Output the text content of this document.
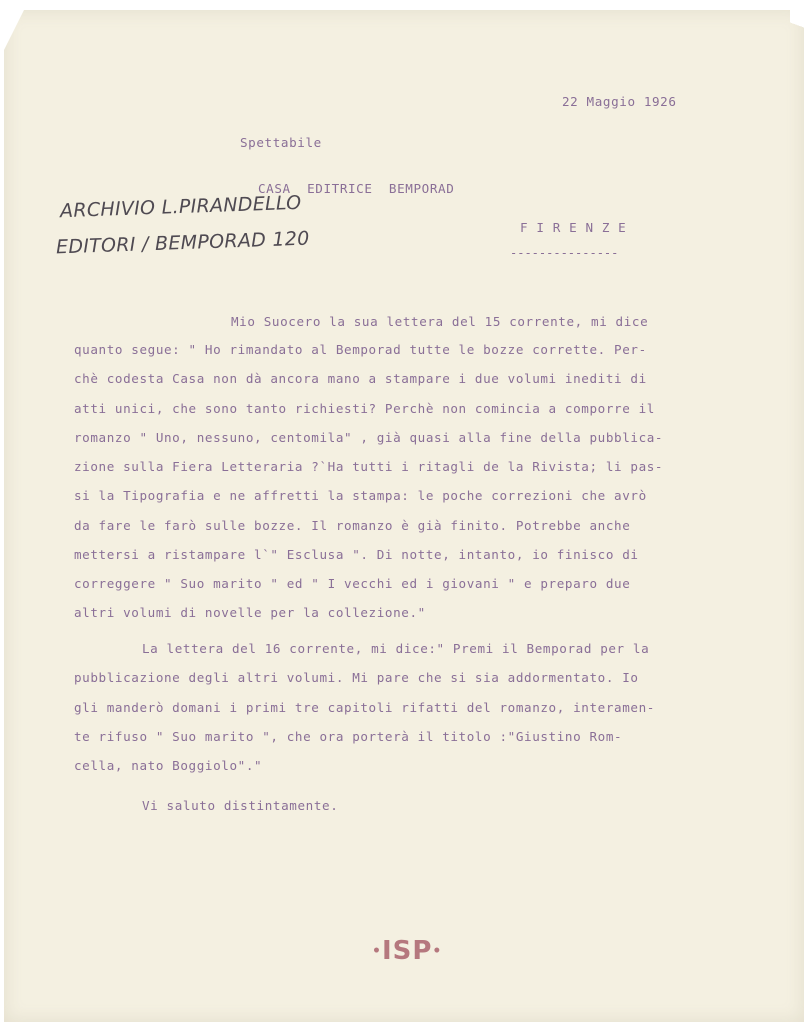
22 Maggio 1926
Spettabile
CASA  EDITRICE  BEMPORAD
F I R E N Z E
---------------
ARCHIVIO L.PIRANDELLO
EDITORI / BEMPORAD 120
Mio Suocero la sua lettera del 15 corrente, mi dice
quanto segue: " Ho rimandato al Bemporad tutte le bozze corrette. Per-
chè codesta Casa non dà ancora mano a stampare i due volumi inediti di
atti unici, che sono tanto richiesti? Perchè non comincia a comporre il
romanzo " Uno, nessuno, centomila" , già quasi alla fine della pubblica-
zione sulla Fiera Letteraria ?`Ha tutti i ritagli de la Rivista; li pas-
si la Tipografia e ne affretti la stampa: le poche correzioni che avrò
da fare le farò sulle bozze. Il romanzo è già finito. Potrebbe anche
mettersi a ristampare l`" Esclusa ". Di notte, intanto, io finisco di
correggere " Suo marito " ed " I vecchi ed i giovani " e preparo due
altri volumi di novelle per la collezione."
La lettera del 16 corrente, mi dice:" Premi il Bemporad per la
pubblicazione degli altri volumi. Mi pare che si sia addormentato. Io
gli manderò domani i primi tre capitoli rifatti del romanzo, interamen-
te rifuso " Suo marito ", che ora porterà il titolo :"Giustino Rom-
cella, nato Boggiolo"."
Vi saluto distintamente.
•ISP•
